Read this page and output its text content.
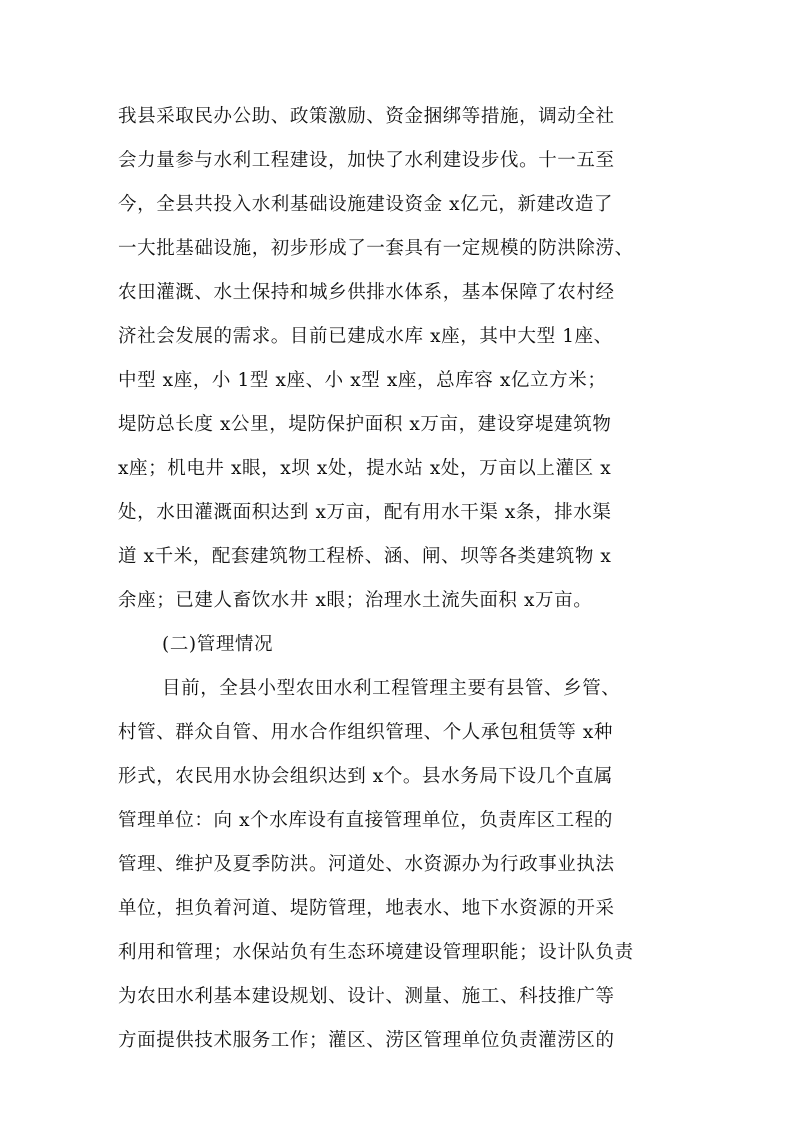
我县采取民办公助、政策激励、资金捆绑等措施，调动全社
会力量参与水利工程建设，加快了水利建设步伐。十一五至
今，全县共投入水利基础设施建设资金 x亿元，新建改造了
一大批基础设施，初步形成了一套具有一定规模的防洪除涝、
农田灌溉、水土保持和城乡供排水体系，基本保障了农村经
济社会发展的需求。目前已建成水库 x座，其中大型 1座、
中型 x座，小 1型 x座、小 x型 x座，总库容 x亿立方米；
堤防总长度 x公里，堤防保护面积 x万亩，建设穿堤建筑物
x座；机电井 x眼，x坝 x处，提水站 x处，万亩以上灌区 x
处，水田灌溉面积达到 x万亩，配有用水干渠 x条，排水渠
道 x千米，配套建筑物工程桥、涵、闸、坝等各类建筑物 x
余座；已建人畜饮水井 x眼；治理水土流失面积 x万亩。
(二)管理情况
目前，全县小型农田水利工程管理主要有县管、乡管、
村管、群众自管、用水合作组织管理、个人承包租赁等 x种
形式，农民用水协会组织达到 x个。县水务局下设几个直属
管理单位：向 x个水库设有直接管理单位，负责库区工程的
管理、维护及夏季防洪。河道处、水资源办为行政事业执法
单位，担负着河道、堤防管理，地表水、地下水资源的开采
利用和管理；水保站负有生态环境建设管理职能；设计队负责
为农田水利基本建设规划、设计、测量、施工、科技推广等
方面提供技术服务工作；灌区、涝区管理单位负责灌涝区的
